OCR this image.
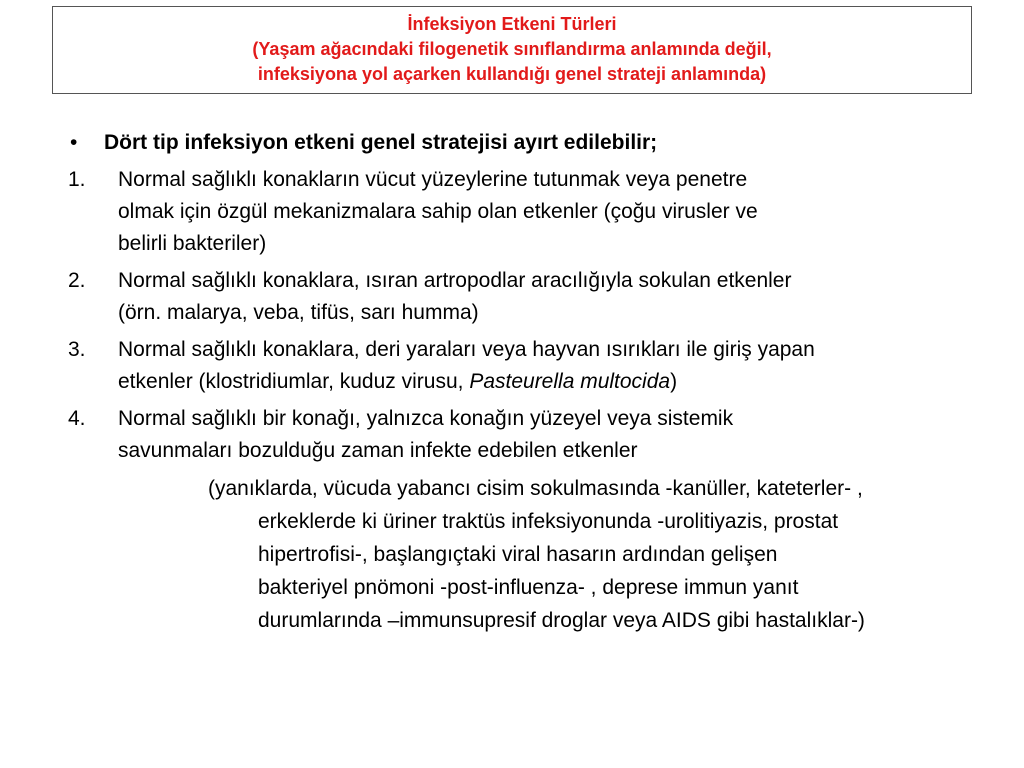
İnfeksiyon Etkeni Türleri
(Yaşam ağacındaki filogenetik sınıflandırma anlamında değil,
infeksiyona yol açarken kullandığı genel strateji anlamında)
• Dört tip infeksiyon etkeni genel stratejisi ayırt edilebilir;
1. Normal sağlıklı konakların vücut yüzeylerine tutunmak veya penetre
olmak için özgül mekanizmalara sahip olan etkenler (çoğu virusler ve
belirli bakteriler)
2. Normal sağlıklı konaklara, ısıran artropodlar aracılığıyla sokulan etkenler
(örn. malarya, veba, tifüs, sarı humma)
3. Normal sağlıklı konaklara, deri yaraları veya hayvan ısırıkları ile giriş yapan
etkenler (klostridiumlar, kuduz virusu, Pasteurella multocida)
4. Normal sağlıklı bir konağı, yalnızca konağın yüzeyel veya sistemik
savunmaları bozulduğu zaman infekte edebilen etkenler
(yanıklarda, vücuda yabancı cisim sokulmasında -kanüller, kateterler- ,
erkeklerde ki üriner traktüs infeksiyonunda -urolitiyazis, prostat
hipertrofisi-, başlangıçtaki viral hasarın ardından gelişen
bakteriyel pnömoni -post-influenza- , deprese immun yanıt
durumlarında –immunsupresif droglar veya AIDS gibi hastalıklar-)
